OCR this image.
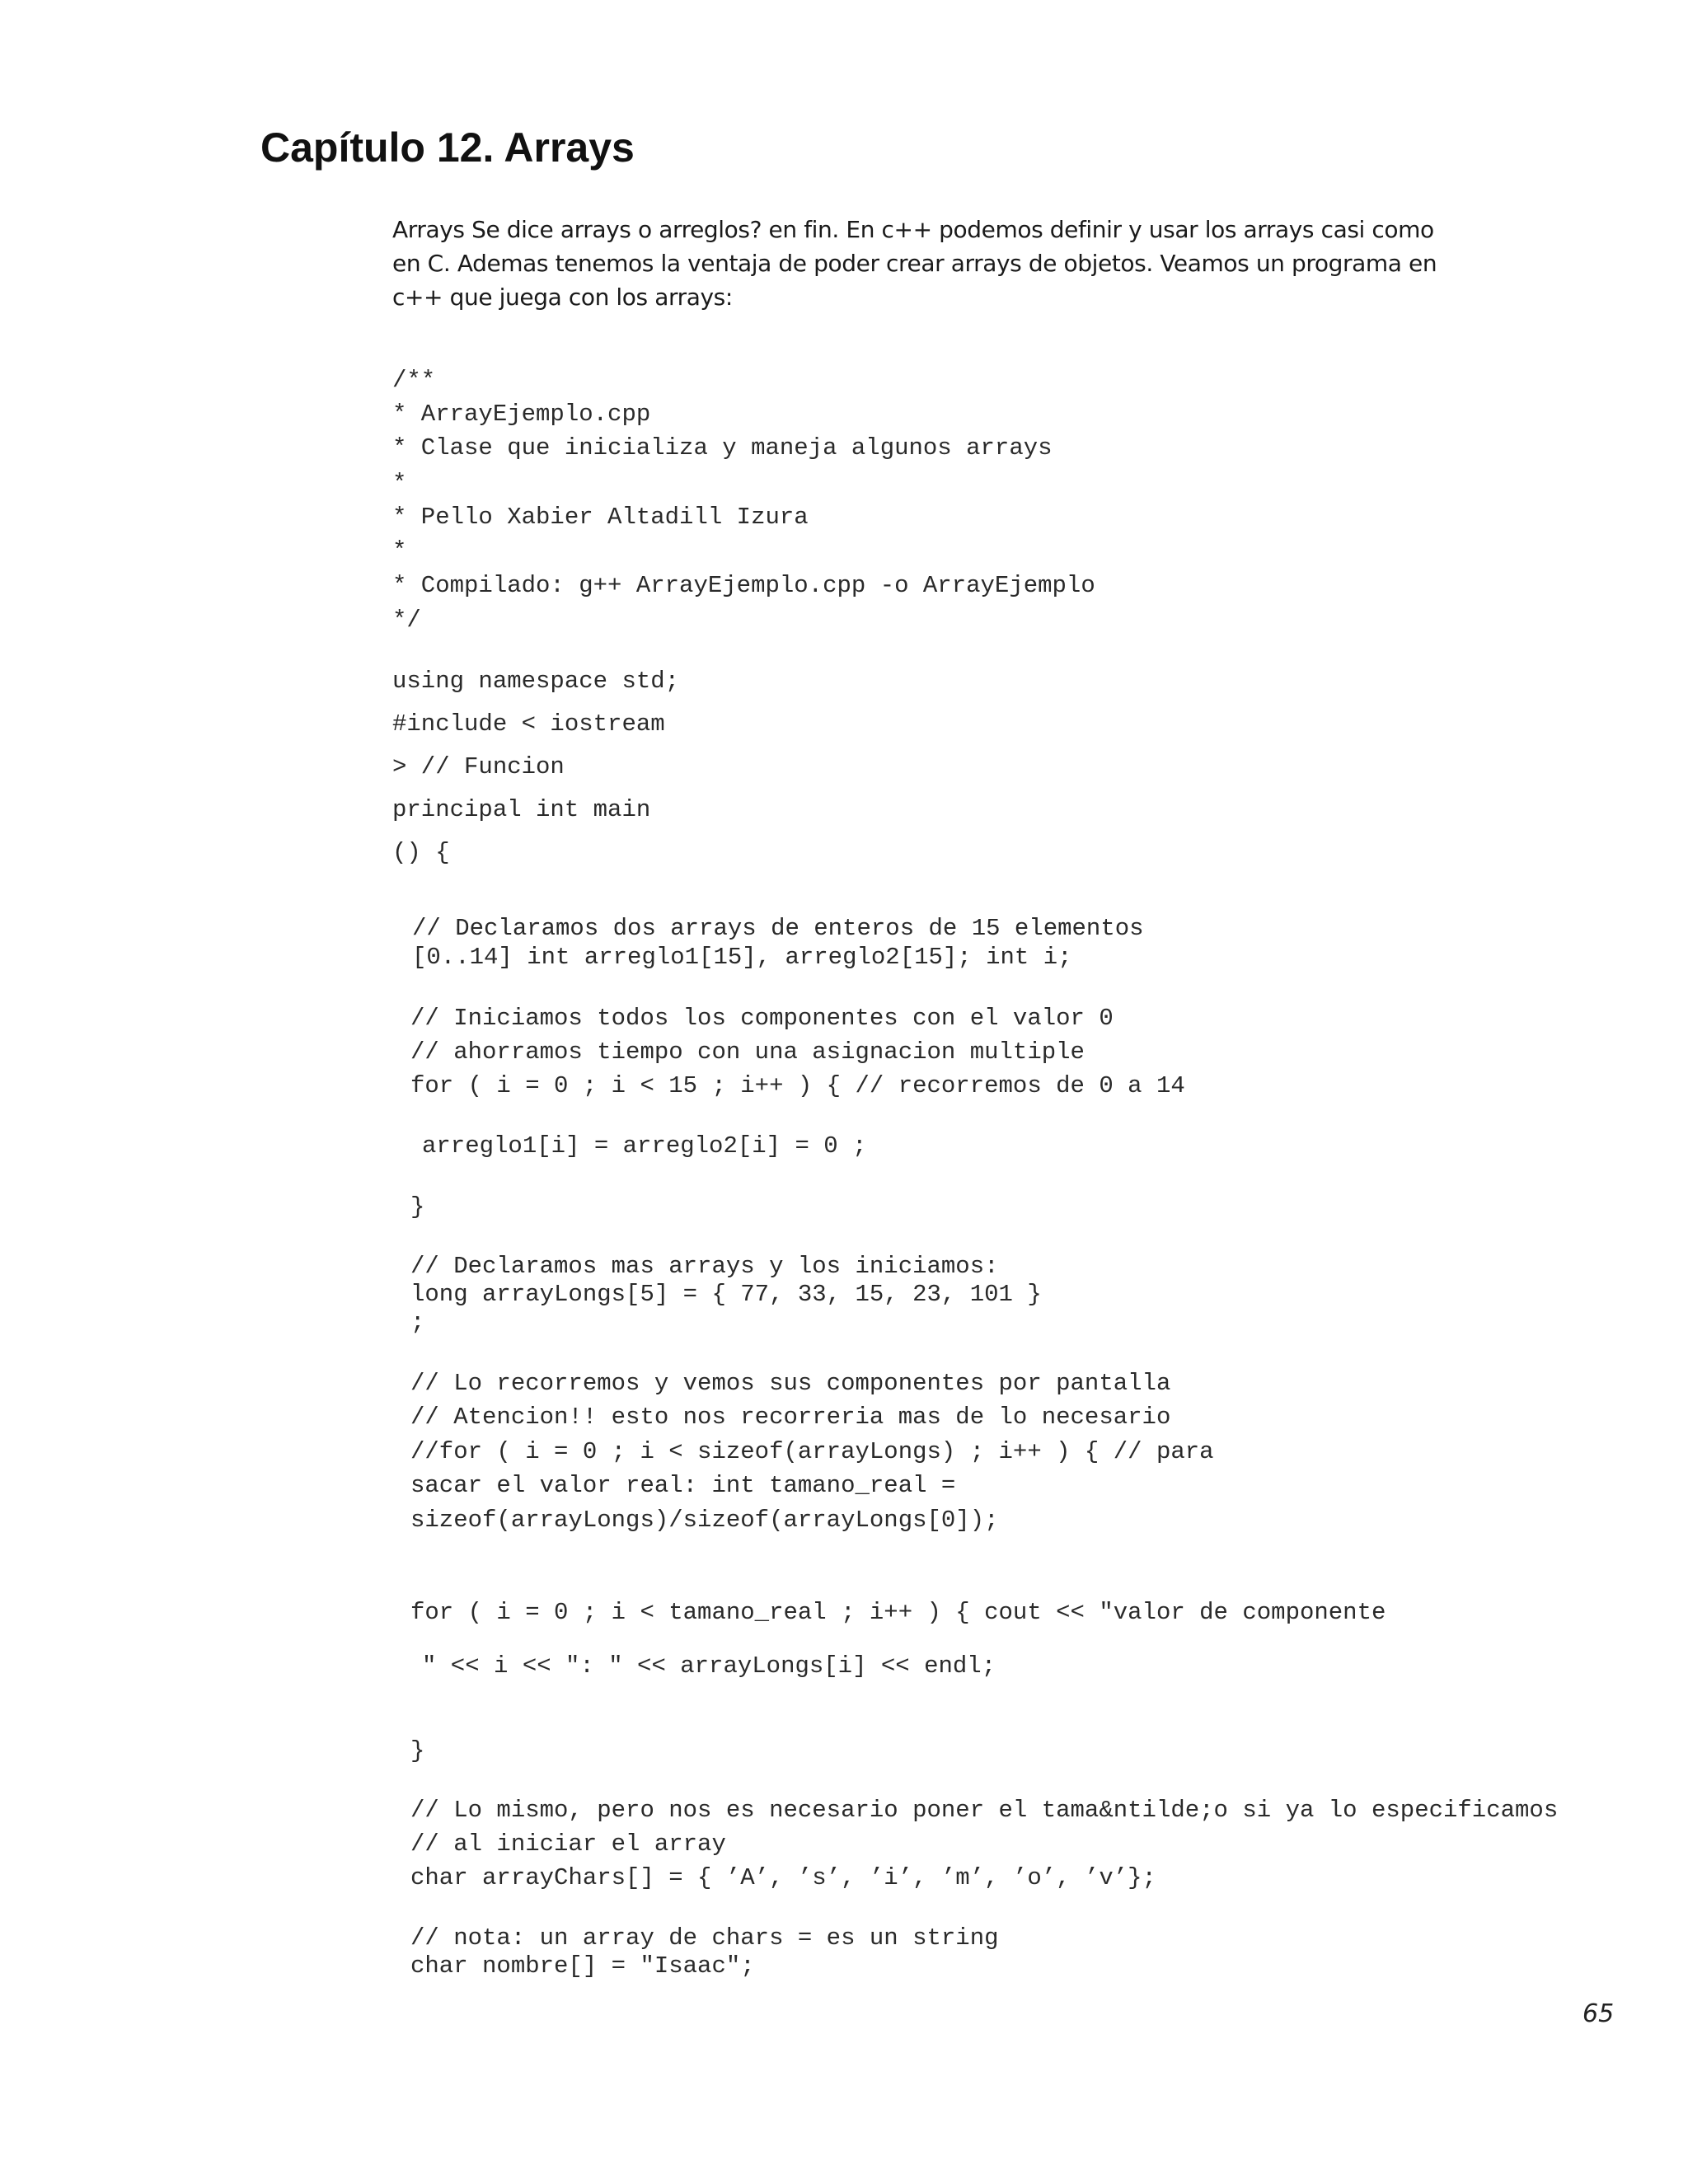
Capítulo 12. Arrays
Arrays Se dice arrays o arreglos? en fin. En c++ podemos definir y usar los arrays casi como
en C. Ademas tenemos la ventaja de poder crear arrays de objetos. Veamos un programa en
c++ que juega con los arrays:
/**
* ArrayEjemplo.cpp
* Clase que inicializa y maneja algunos arrays
*
* Pello Xabier Altadill Izura
*
* Compilado: g++ ArrayEjemplo.cpp -o ArrayEjemplo
*/
using namespace std;
#include < iostream
> // Funcion
principal int main
() {
// Declaramos dos arrays de enteros de 15 elementos
[0..14] int arreglo1[15], arreglo2[15]; int i;
// Iniciamos todos los componentes con el valor 0
// ahorramos tiempo con una asignacion multiple
for ( i = 0 ; i < 15 ; i++ ) { // recorremos de 0 a 14
arreglo1[i] = arreglo2[i] = 0 ;
}
// Declaramos mas arrays y los iniciamos:
long arrayLongs[5] = { 77, 33, 15, 23, 101 }
;
// Lo recorremos y vemos sus componentes por pantalla
// Atencion!! esto nos recorreria mas de lo necesario
//for ( i = 0 ; i < sizeof(arrayLongs) ; i++ ) { // para
sacar el valor real: int tamano_real =
sizeof(arrayLongs)/sizeof(arrayLongs[0]);
for ( i = 0 ; i < tamano_real ; i++ ) { cout << "valor de componente
" << i << ": " << arrayLongs[i] << endl;
}
// Lo mismo, pero nos es necesario poner el tama&ntilde;o si ya lo especificamos
// al iniciar el array
char arrayChars[] = { ’A’, ’s’, ’i’, ’m’, ’o’, ’v’};
// nota: un array de chars = es un string
char nombre[] = "Isaac";
65
